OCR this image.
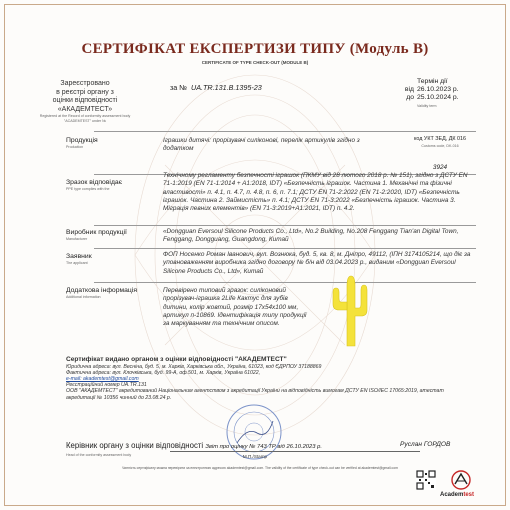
СЕРТИФІКАТ ЕКСПЕРТИЗИ ТИПУ (Модуль В)
CERTIFICATE OF TYPE CHECK-OUT (MODULE B)
Зареєстровано
в реєстрі органу з
оцінки відповідності
«АКАДЕМТЕСТ»
Registered at the Record of conformity assessment body "ACADEMTEST" under №
за № UA.TR.131.B.1395-23	від
до
Термін дії
26.10.2023 р.
25.10.2024 р.
Validity term
Продукція
Production
Іграшки дитячі: прорізувачі силіконові, перелік артикулів згідно з додатком
код УКТ ЗЕД, ДК 016
Customs code, DK-016
3924
Зразок відповідає
PPE type complies with the
Технічному регламенту безпечності іграшок (ПКМУ від 28 лютого 2018 р. № 151), згідно з ДСТУ EN 71-1:2019 (EN 71-1:2014 + A1:2018, IDT) «Безпечність іграшок. Частина 1. Механічні та фізичні властивості» п. 4.1, п. 4.7, п. 4.8, п. 6, п. 7.1; ДСТУ EN 71-2:2022 (EN 71-2:2020, IDT) «Безпечність іграшок. Частина 2. Займистість» п. 4.1; ДСТУ EN 71-3:2022 «Безпечність іграшок. Частина 3. Міграція певних елементів» (EN 71-3:2019+A1:2021, IDT) п. 4.2.
Виробник продукції
Manufacturer
«Dongguan Eversoul Silicone Products Co., Ltd», No.2 Building, No.208 Fenggang Tian'an Digital Town, Fenggang, Dongguang, Guangdong, Китай
Заявник
The applicant
ФОП Носенко Роман Іванович, вул. Вознюка, буд. 5, кв. 8, м. Дніпро, 49112, (ІПН 3174105214, що діє за уповноваженням виробника згідно договору № б/н від 03.04.2023 р., виданим «Dongguan Eversoul Silicone Products Co., Ltd», Китай
Додаткова інформація
Additional information
Перевірено типовий зразок: силіконовий прорізувач-іграшка 2Life Кактус для зубів дитини, колір жовтий, розмір 17х54х100 мм, артикул п-10869. Ідентифікація типу продукції за маркуванням та технічним описом.
Сертифікат видано органом з оцінки відповідності "АКАДЕМТЕСТ"
Юридична адреса: вул. Весніна, буд. 5, м. Харків, Харківська обл., Україна, 61023, код ЄДРПОУ 37188869
Фактична адреса: вул. Клочківська, буд. 99-А, оф.501, м. Харків, Україна 61022,
e-mail: akademtest@gmail.com
Реєстраційний номер UA.TR.131
ООВ "АКАДЕМТЕСТ" акредитований Національним агентством з акредитації України на відповідність вимогам ДСТУ EN ISO/IEC 17065:2019, атестат акредитації № 10356 чинний до 23.08.24 р.
Керівник органу з оцінки відповідності Звіт про оцінку № 743 ТР від 26.10.2023 р.
Head of the conformity assessment body
Руслан ГОРДОВ
М.П./Stamp
Чинність сертифікату можна перевірити за електронною адресою akademtest@gmail.com. The validity of the certificate of type check-out can be verified at akademtest@gmail.com
Academtest
